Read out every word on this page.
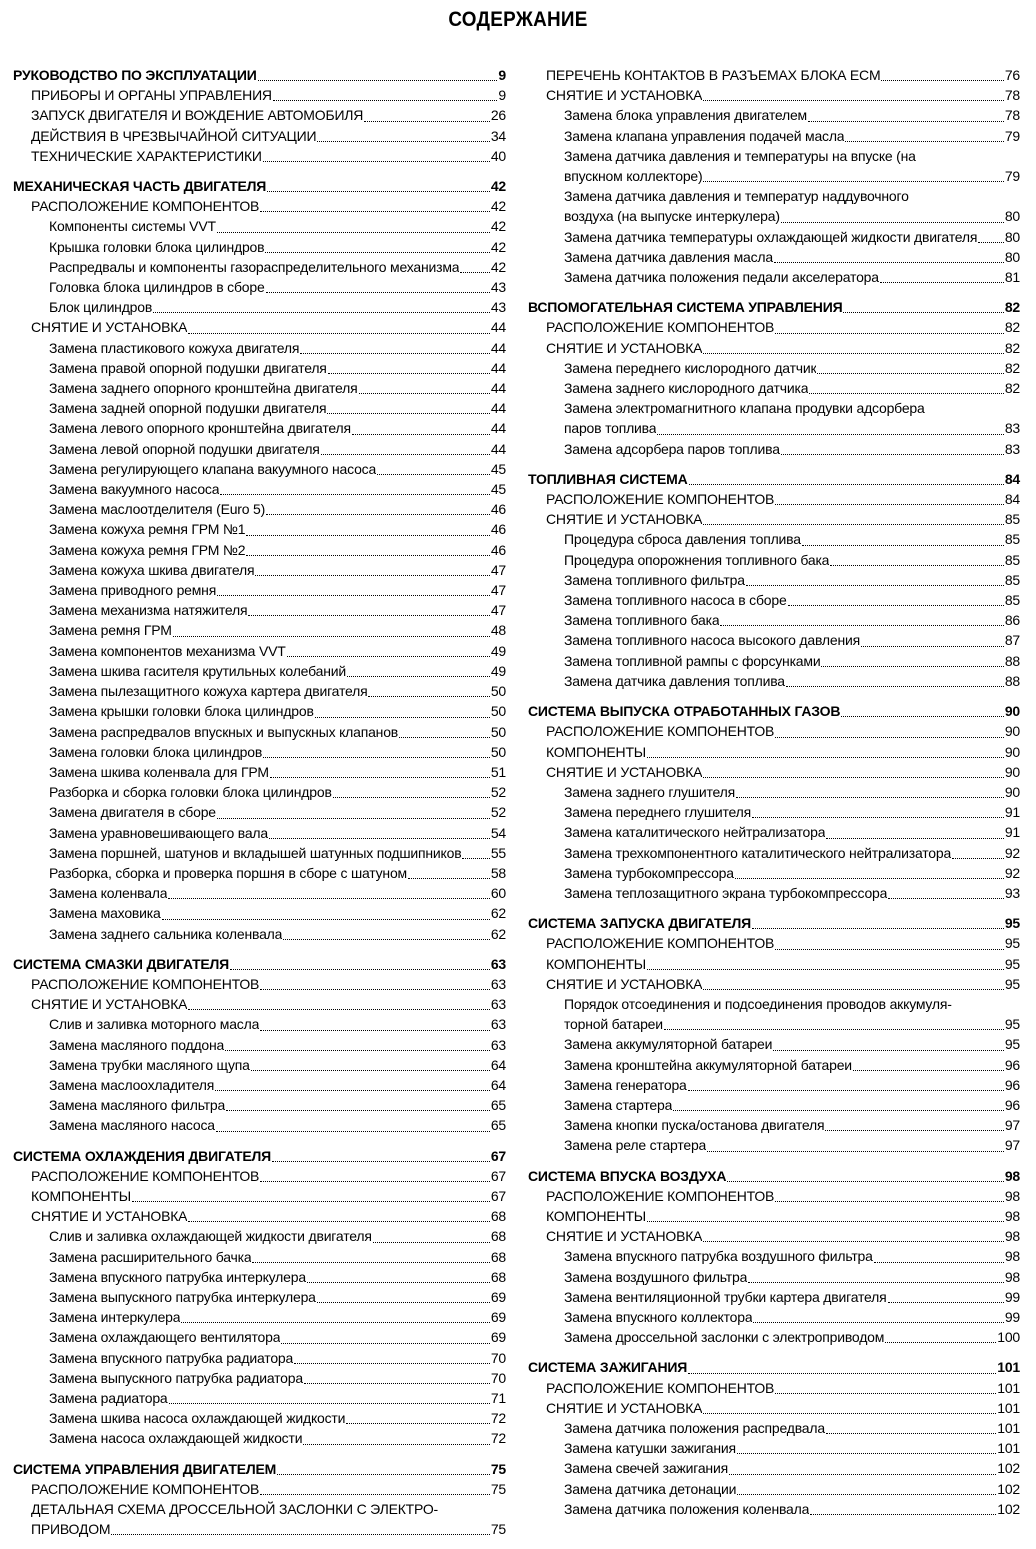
СОДЕРЖАНИЕ
РУКОВОДСТВО ПО ЭКСПЛУАТАЦИИ	9
ПРИБОРЫ И ОРГАНЫ УПРАВЛЕНИЯ	9
ЗАПУСК ДВИГАТЕЛЯ И ВОЖДЕНИЕ АВТОМОБИЛЯ	26
ДЕЙСТВИЯ В ЧРЕЗВЫЧАЙНОЙ СИТУАЦИИ	34
ТЕХНИЧЕСКИЕ ХАРАКТЕРИСТИКИ	40
МЕХАНИЧЕСКАЯ ЧАСТЬ ДВИГАТЕЛЯ	42
РАСПОЛОЖЕНИЕ КОМПОНЕНТОВ	42
Компоненты системы VVT	42
Крышка головки блока цилиндров	42
Распредвалы и компоненты газораспределительного механизма 42
Головка блока цилиндров в сборе	43
Блок цилиндров	43
СНЯТИЕ И УСТАНОВКА	44
Замена пластикового кожуха двигателя	44
Замена правой опорной подушки двигателя	44
Замена заднего опорного кронштейна двигателя	44
Замена задней опорной подушки двигателя	44
Замена левого опорного кронштейна двигателя	44
Замена левой опорной подушки двигателя	44
Замена регулирующего клапана вакуумного насоса	45
Замена вакуумного насоса	45
Замена маслоотделителя (Euro 5)	46
Замена кожуха ремня ГРМ №1	46
Замена кожуха ремня ГРМ №2	46
Замена кожуха шкива двигателя	47
Замена приводного ремня	47
Замена механизма натяжителя	47
Замена ремня ГРМ	48
Замена компонентов механизма VVT	49
Замена шкива гасителя крутильных колебаний	49
Замена пылезащитного кожуха картера двигателя	50
Замена крышки головки блока цилиндров	50
Замена распредвалов впускных и выпускных клапанов	50
Замена головки блока цилиндров	50
Замена шкива коленвала для ГРМ	51
Разборка и сборка головки блока цилиндров	52
Замена двигателя в сборе	52
Замена уравновешивающего вала	54
Замена поршней, шатунов и вкладышей шатунных подшипников 55
Разборка, сборка и проверка поршня в сборе с шатуном	58
Замена коленвала	60
Замена маховика	62
Замена заднего сальника коленвала	62
СИСТЕМА СМАЗКИ ДВИГАТЕЛЯ	63
РАСПОЛОЖЕНИЕ КОМПОНЕНТОВ	63
СНЯТИЕ И УСТАНОВКА	63
Слив и заливка моторного масла	63
Замена масляного поддона	63
Замена трубки масляного щупа	64
Замена маслоохладителя	64
Замена масляного фильтра	65
Замена масляного насоса	65
СИСТЕМА ОХЛАЖДЕНИЯ ДВИГАТЕЛЯ	67
РАСПОЛОЖЕНИЕ КОМПОНЕНТОВ	67
КОМПОНЕНТЫ	67
СНЯТИЕ И УСТАНОВКА	68
Слив и заливка охлаждающей жидкости двигателя	68
Замена расширительного бачка	68
Замена впускного патрубка интеркулера	68
Замена выпускного патрубка интеркулера	69
Замена интеркулера	69
Замена охлаждающего вентилятора	69
Замена впускного патрубка радиатора	70
Замена выпускного патрубка радиатора	70
Замена радиатора	71
Замена шкива насоса охлаждающей жидкости	72
Замена насоса охлаждающей жидкости	72
СИСТЕМА УПРАВЛЕНИЯ ДВИГАТЕЛЕМ	75
РАСПОЛОЖЕНИЕ КОМПОНЕНТОВ	75
ДЕТАЛЬНАЯ СХЕМА ДРОССЕЛЬНОЙ ЗАСЛОНКИ С ЭЛЕКТРО-
ПРИВОДОМ	75
ПЕРЕЧЕНЬ КОНТАКТОВ В РАЗЪЕМАХ БЛОКА ECM	76
СНЯТИЕ И УСТАНОВКА	78
Замена блока управления двигателем	78
Замена клапана управления подачей масла	79
Замена датчика давления и температуры на впуске (на
впускном коллекторе)	79
Замена датчика давления и температур наддувочного
воздуха (на выпуске интеркулера)	80
Замена датчика температуры охлаждающей жидкости двигателя 80
Замена датчика давления масла	80
Замена датчика положения педали акселератора	81
ВСПОМОГАТЕЛЬНАЯ СИСТЕМА УПРАВЛЕНИЯ	82
РАСПОЛОЖЕНИЕ КОМПОНЕНТОВ	82
СНЯТИЕ И УСТАНОВКА	82
Замена переднего кислородного датчик	82
Замена заднего кислородного датчика	82
Замена электромагнитного клапана продувки адсорбера
паров топлива	83
Замена адсорбера паров топлива	83
ТОПЛИВНАЯ СИСТЕМА	84
РАСПОЛОЖЕНИЕ КОМПОНЕНТОВ	84
СНЯТИЕ И УСТАНОВКА	85
Процедура сброса давления топлива	85
Процедура опорожнения топливного бака	85
Замена топливного фильтра	85
Замена топливного насоса в сборе	85
Замена топливного бака	86
Замена топливного насоса высокого давления	87
Замена топливной рампы с форсунками	88
Замена датчика давления топлива	88
СИСТЕМА ВЫПУСКА ОТРАБОТАННЫХ ГАЗОВ	90
РАСПОЛОЖЕНИЕ КОМПОНЕНТОВ	90
КОМПОНЕНТЫ	90
СНЯТИЕ И УСТАНОВКА	90
Замена заднего глушителя	90
Замена переднего глушителя	91
Замена каталитического нейтрализатора	91
Замена трехкомпонентного каталитического нейтрализатора	92
Замена турбокомпрессора	92
Замена теплозащитного экрана турбокомпрессора	93
СИСТЕМА ЗАПУСКА ДВИГАТЕЛЯ	95
РАСПОЛОЖЕНИЕ КОМПОНЕНТОВ	95
КОМПОНЕНТЫ	95
СНЯТИЕ И УСТАНОВКА	95
Порядок отсоединения и подсоединения проводов аккумуля-
торной батареи	95
Замена аккумуляторной батареи	95
Замена кронштейна аккумуляторной батареи	96
Замена генератора	96
Замена стартера	96
Замена кнопки пуска/останова двигателя	97
Замена реле стартера	97
СИСТЕМА ВПУСКА ВОЗДУХА	98
РАСПОЛОЖЕНИЕ КОМПОНЕНТОВ	98
КОМПОНЕНТЫ	98
СНЯТИЕ И УСТАНОВКА	98
Замена впускного патрубка воздушного фильтра	98
Замена воздушного фильтра	98
Замена вентиляционной трубки картера двигателя	99
Замена впускного коллектора	99
Замена дроссельной заслонки с электроприводом	100
СИСТЕМА ЗАЖИГАНИЯ	101
РАСПОЛОЖЕНИЕ КОМПОНЕНТОВ	101
СНЯТИЕ И УСТАНОВКА	101
Замена датчика положения распредвала	101
Замена катушки зажигания	101
Замена свечей зажигания	102
Замена датчика детонации	102
Замена датчика положения коленвала	102
